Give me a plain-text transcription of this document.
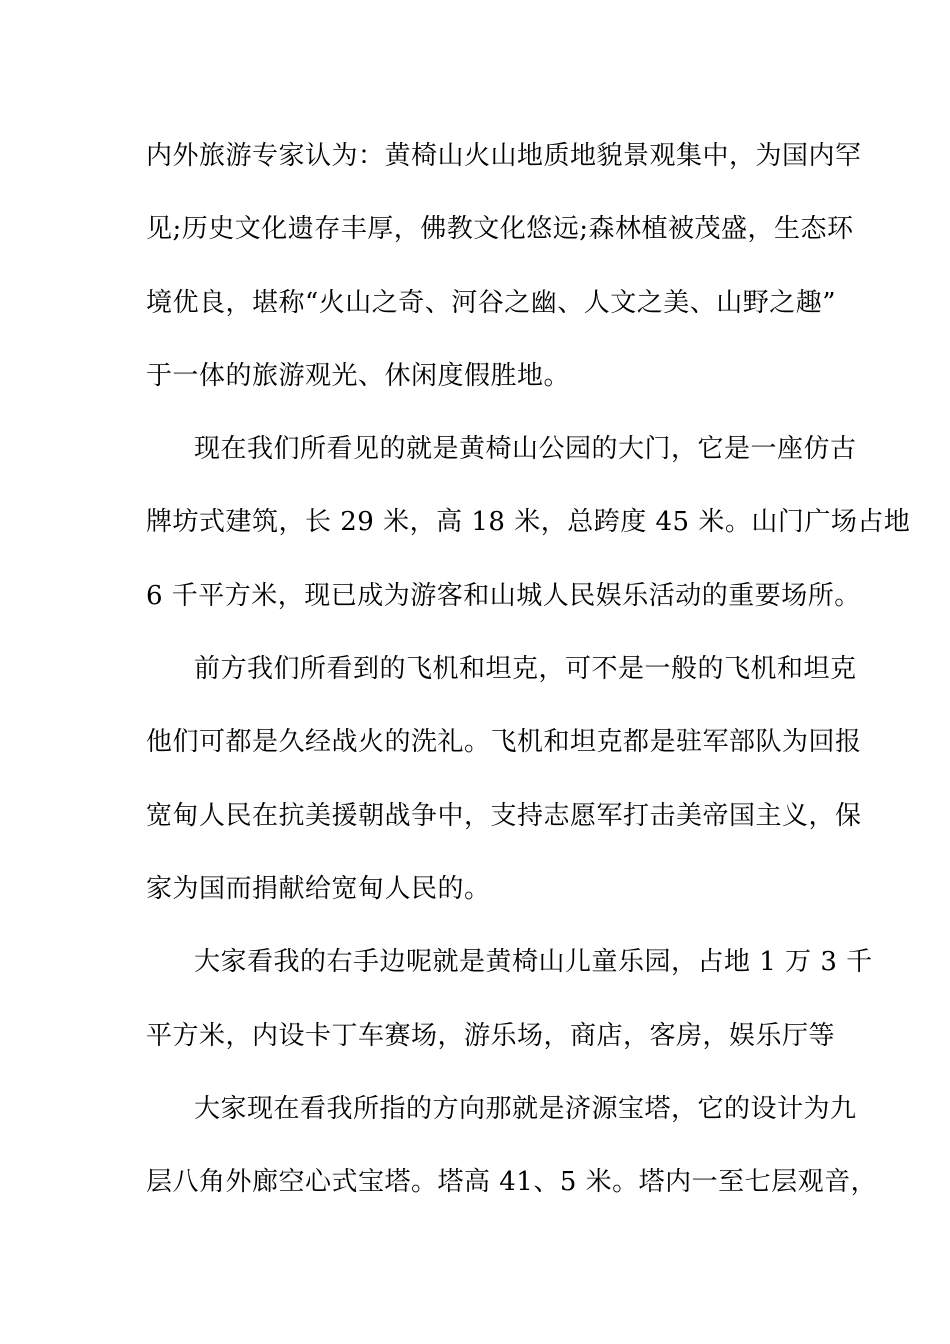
内外旅游专家认为：黄椅山火山地质地貌景观集中，为国内罕
见;历史文化遗存丰厚，佛教文化悠远;森林植被茂盛，生态环
境优良，堪称“火山之奇、河谷之幽、人文之美、山野之趣”
于一体的旅游观光、休闲度假胜地。
现在我们所看见的就是黄椅山公园的大门，它是一座仿古
牌坊式建筑，长 29 米，高 18 米，总跨度 45 米。山门广场占地
6 千平方米，现已成为游客和山城人民娱乐活动的重要场所。
前方我们所看到的飞机和坦克，可不是一般的飞机和坦克
他们可都是久经战火的洗礼。飞机和坦克都是驻军部队为回报
宽甸人民在抗美援朝战争中，支持志愿军打击美帝国主义，保
家为国而捐献给宽甸人民的。
大家看我的右手边呢就是黄椅山儿童乐园，占地 1 万 3 千
平方米，内设卡丁车赛场，游乐场，商店，客房，娱乐厅等
大家现在看我所指的方向那就是济源宝塔，它的设计为九
层八角外廊空心式宝塔。塔高 41、5 米。塔内一至七层观音，
